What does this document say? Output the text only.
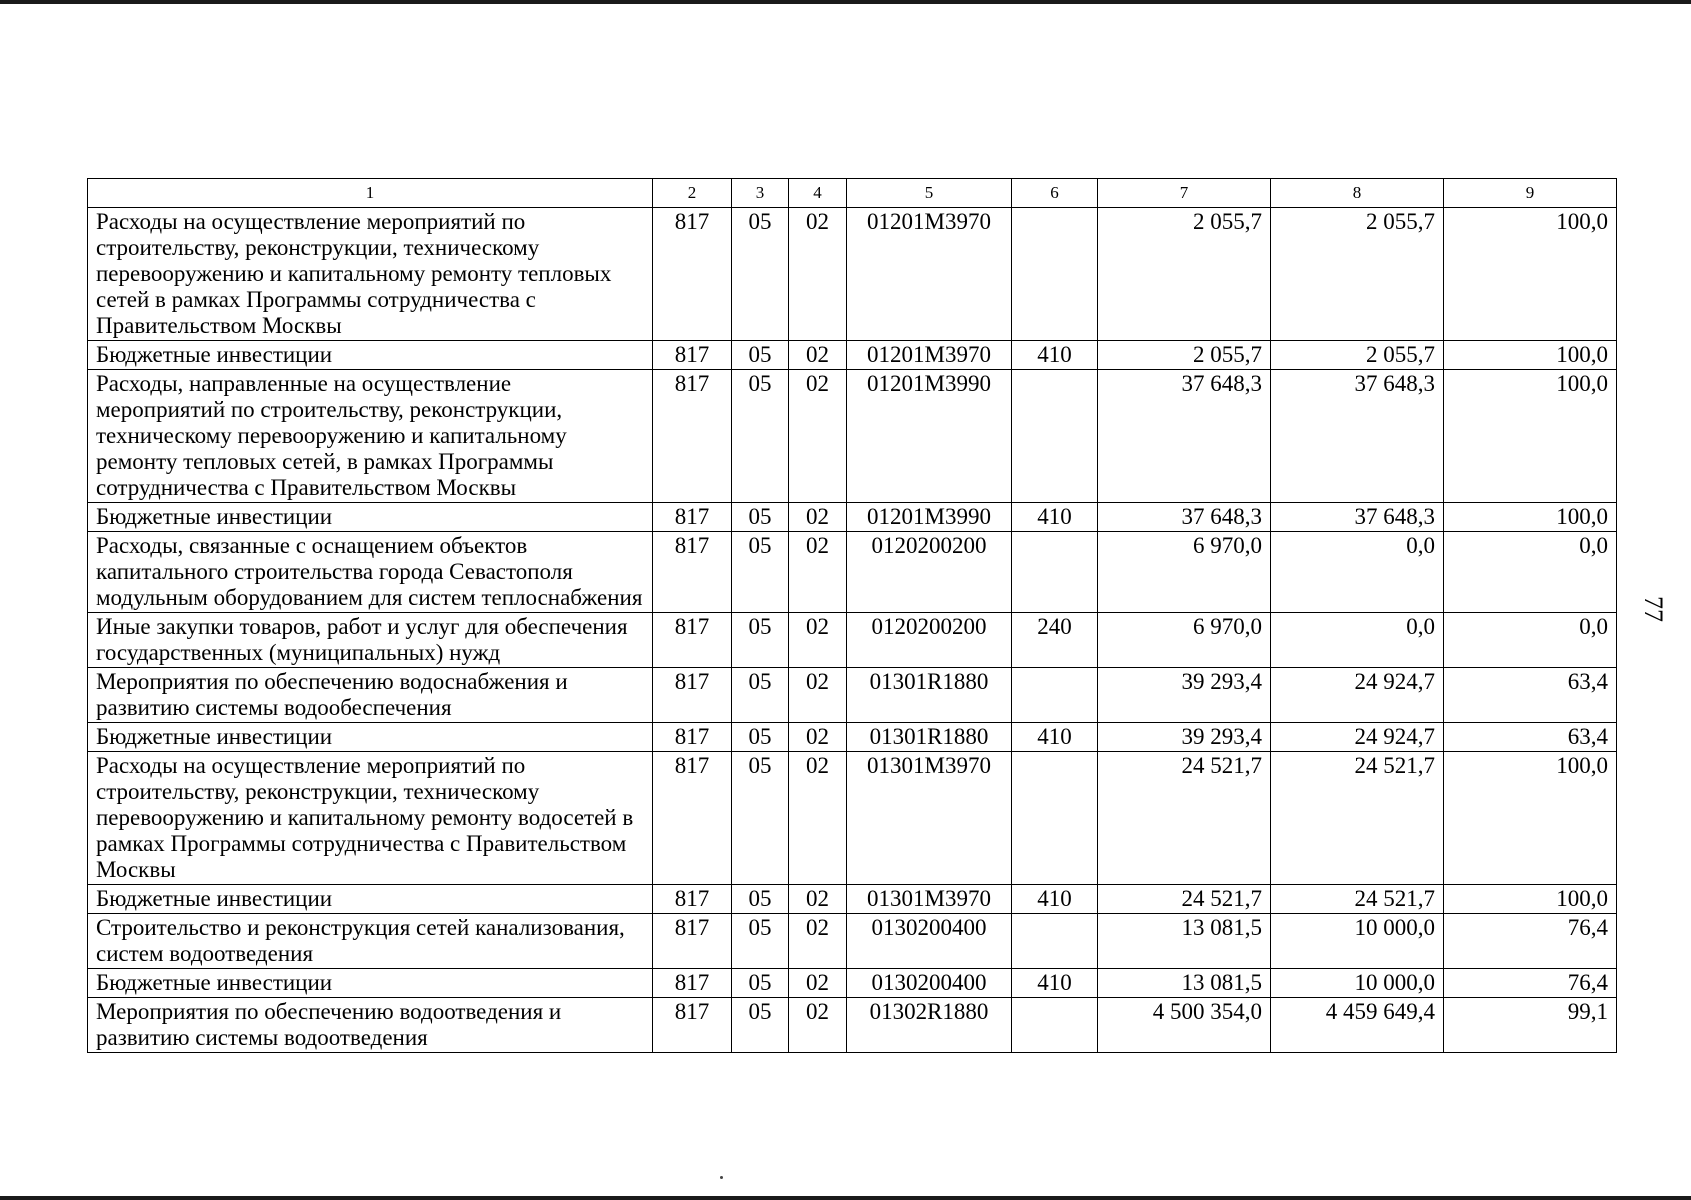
77
1	2	3	4	5	6	7	8	9
Расходы на осуществление мероприятий по строительству, реконструкции, техническому перевооружению и капитальному ремонту тепловых сетей в рамках Программы сотрудничества с Правительством Москвы	817	05	02	01201M3970		2 055,7	2 055,7	100,0
Бюджетные инвестиции	817	05	02	01201M3970	410	2 055,7	2 055,7	100,0
Расходы, направленные на осуществление мероприятий по строительству, реконструкции, техническому перевооружению и капитальному ремонту тепловых сетей, в рамках Программы сотрудничества с Правительством Москвы	817	05	02	01201M3990		37 648,3	37 648,3	100,0
Бюджетные инвестиции	817	05	02	01201M3990	410	37 648,3	37 648,3	100,0
Расходы, связанные с оснащением объектов капитального строительства города Севастополя модульным оборудованием для систем теплоснабжения	817	05	02	0120200200		6 970,0	0,0	0,0
Иные закупки товаров, работ и услуг для обеспечения государственных (муниципальных) нужд	817	05	02	0120200200	240	6 970,0	0,0	0,0
Мероприятия по обеспечению водоснабжения и развитию системы водообеспечения	817	05	02	01301R1880		39 293,4	24 924,7	63,4
Бюджетные инвестиции	817	05	02	01301R1880	410	39 293,4	24 924,7	63,4
Расходы на осуществление мероприятий по строительству, реконструкции, техническому перевооружению и капитальному ремонту водосетей в рамках Программы сотрудничества с Правительством Москвы	817	05	02	01301M3970		24 521,7	24 521,7	100,0
Бюджетные инвестиции	817	05	02	01301M3970	410	24 521,7	24 521,7	100,0
Строительство и реконструкция сетей канализования, систем водоотведения	817	05	02	0130200400		13 081,5	10 000,0	76,4
Бюджетные инвестиции	817	05	02	0130200400	410	13 081,5	10 000,0	76,4
Мероприятия по обеспечению водоотведения и развитию системы водоотведения	817	05	02	01302R1880		4 500 354,0	4 459 649,4	99,1
